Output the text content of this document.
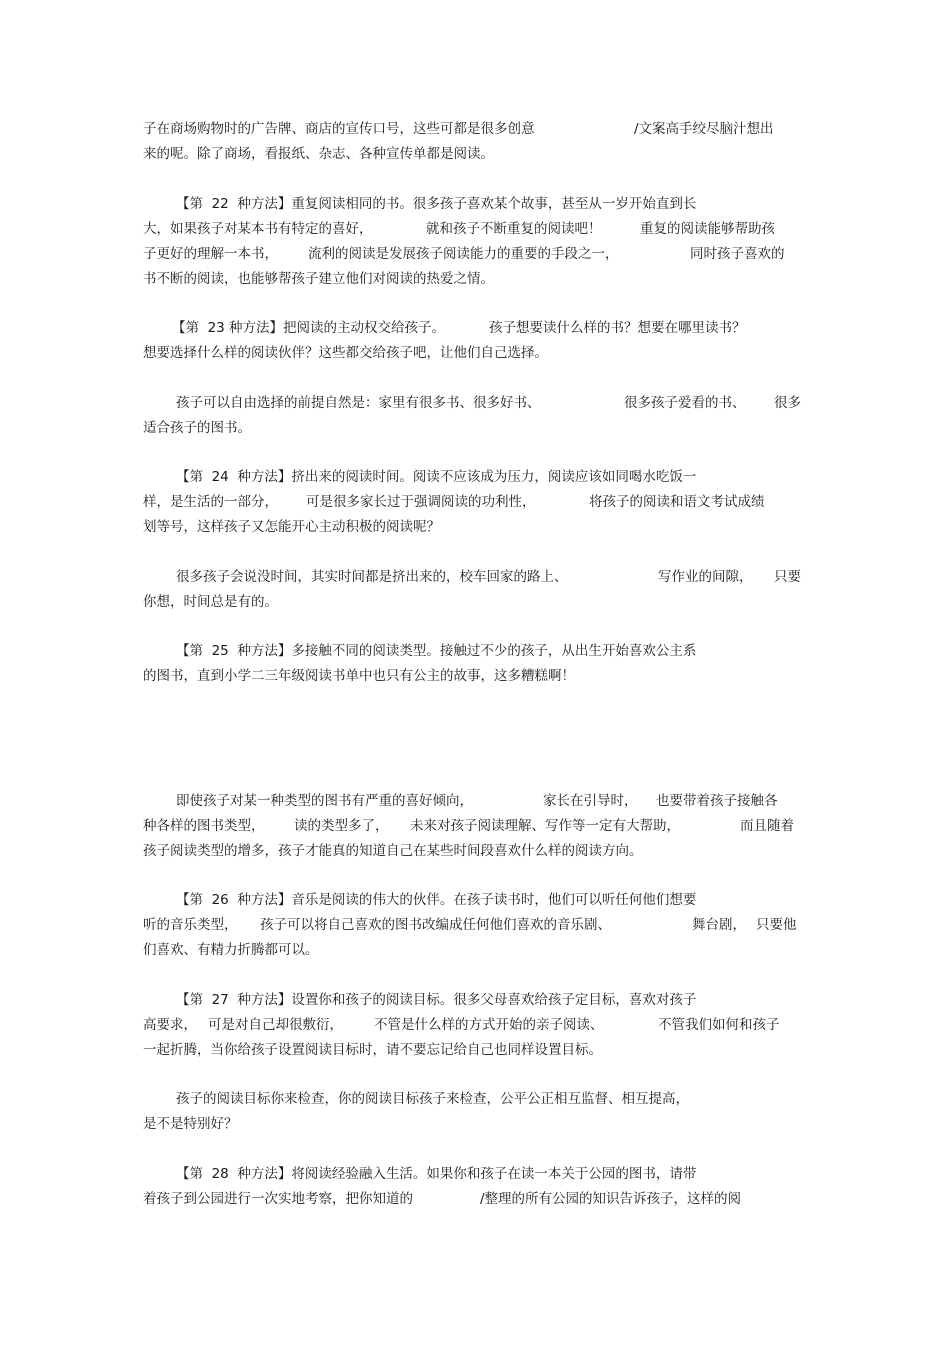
子在商场购物时的广告牌、商店的宣传口号，这些可都是很多创意

	/文案高手绞尽脑汁想出

来的呢。除了商场，看报纸、杂志、各种宣传单都是阅读。

【第  22  种方法】重复阅读相同的书。很多孩子喜欢某个故事，甚至从一岁开始直到长

大，如果孩子对某本书有特定的喜好，

	就和孩子不断重复的阅读吧！

	重复的阅读能够帮助孩

子更好的理解一本书，

流利的阅读是发展孩子阅读能力的重要的手段之一，

	同时孩子喜欢的

书不断的阅读，也能够帮孩子建立他们对阅读的热爱之情。

【第  23 种方法】把阅读的主动权交给孩子。

	孩子想要读什么样的书？想要在哪里读书？

想要选择什么样的阅读伙伴？这些都交给孩子吧，让他们自己选择。

孩子可以自由选择的前提自然是：家里有很多书、很多好书、

	很多孩子爱看的书、

很多

适合孩子的图书。

【第  24  种方法】挤出来的阅读时间。阅读不应该成为压力，阅读应该如同喝水吃饭一

样，是生活的一部分，

可是很多家长过于强调阅读的功利性，

	将孩子的阅读和语文考试成绩

划等号，这样孩子又怎能开心主动积极的阅读呢？

很多孩子会说没时间，其实时间都是挤出来的，校车回家的路上、

	写作业的间隙，

只要

你想，时间总是有的。

【第  25  种方法】多接触不同的阅读类型。接触过不少的孩子，从出生开始喜欢公主系

的图书，直到小学二三年级阅读书单中也只有公主的故事，这多糟糕啊！

即使孩子对某一种类型的图书有严重的喜好倾向，

	家长在引导时，

也要带着孩子接触各

种各样的图书类型，

读的类型多了，

未来对孩子阅读理解、写作等一定有大帮助，

	而且随着

孩子阅读类型的增多，孩子才能真的知道自己在某些时间段喜欢什么样的阅读方向。

【第  26  种方法】音乐是阅读的伟大的伙伴。在孩子读书时，他们可以听任何他们想要

听的音乐类型，

孩子可以将自己喜欢的图书改编成任何他们喜欢的音乐剧、

	舞台剧，

只要他

们喜欢、有精力折腾都可以。

【第  27  种方法】设置你和孩子的阅读目标。很多父母喜欢给孩子定目标，喜欢对孩子

高要求，

可是对自己却很敷衍，

不管是什么样的方式开始的亲子阅读、

	不管我们如何和孩子

一起折腾，当你给孩子设置阅读目标时，请不要忘记给自己也同样设置目标。

孩子的阅读目标你来检查，你的阅读目标孩子来检查，公平公正相互监督、相互提高，

是不是特别好？

【第  28  种方法】将阅读经验融入生活。如果你和孩子在读一本关于公园的图书，请带

着孩子到公园进行一次实地考察，把你知道的

	/整理的所有公园的知识告诉孩子，这样的阅
